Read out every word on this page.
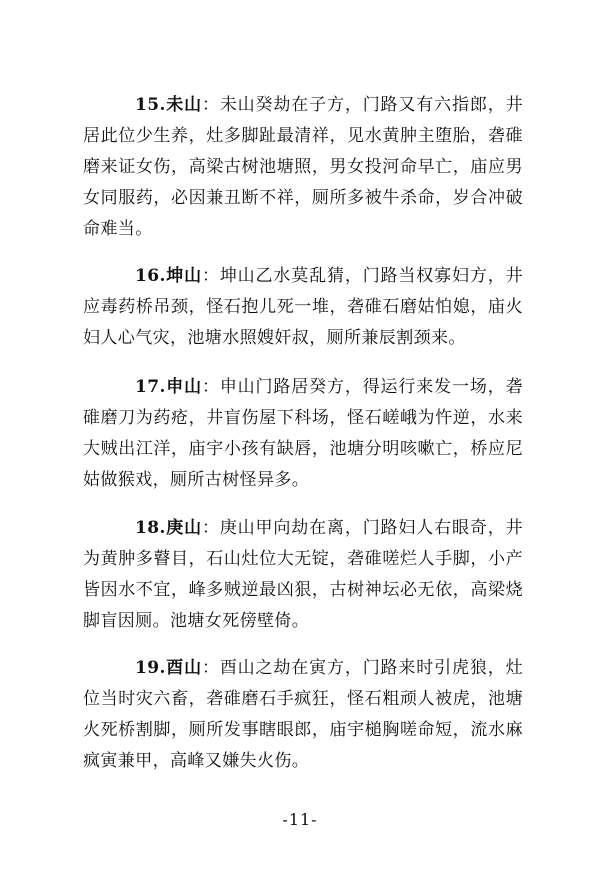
15.未山：未山癸劫在子方，门路又有六指郎，井居此位少生养，灶多脚趾最清祥，见水黄肿主堕胎，砻碓磨来证女伤，高梁古树池塘照，男女投河命早亡，庙应男女同服药，必因兼丑断不祥，厕所多被牛杀命，岁合冲破命难当。

16.坤山：坤山乙水莫乱猜，门路当权寡妇方，井应毒药桥吊颈，怪石抱儿死一堆，砻碓石磨姑怕媳，庙火妇人心气灾，池塘水照嫂奸叔，厕所兼辰割颈来。

17.申山：申山门路居癸方，得运行来发一场，砻碓磨刀为药疮，井盲伤屋下科场，怪石嵯峨为忤逆，水来大贼出江洋，庙宇小孩有缺唇，池塘分明咳嗽亡，桥应尼姑做猴戏，厕所古树怪异多。

18.庚山：庚山甲向劫在离，门路妇人右眼奇，井为黄肿多瞽目，石山灶位大无锭，砻碓嗟烂人手脚，小产皆因水不宜，峰多贼逆最凶狠，古树神坛必无依，高梁烧脚盲因厕。池塘女死傍壁倚。

19.酉山：酉山之劫在寅方，门路来时引虎狼，灶位当时灾六畜，砻碓磨石手疯狂，怪石粗顽人被虎，池塘火死桥割脚，厕所发事瞎眼郎，庙宇槌胸嗟命短，流水麻疯寅兼甲，高峰又嫌失火伤。

-11-
